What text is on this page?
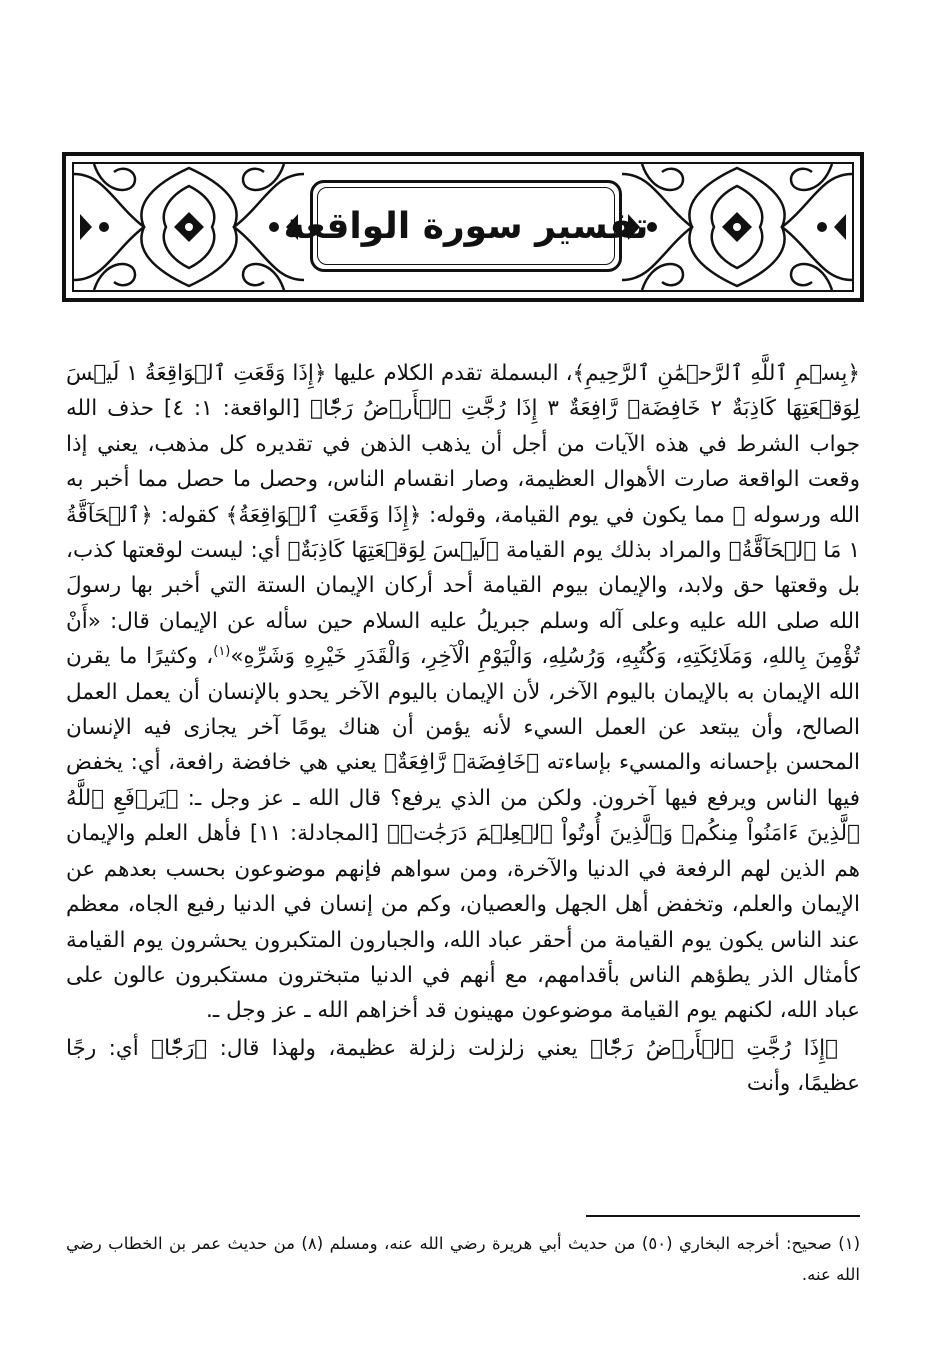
تفسير سورة الواقعة

﴿بِسۡمِ ٱللَّهِ ٱلرَّحۡمَٰنِ ٱلرَّحِيمِ﴾، البسملة تقدم الكلام عليها ﴿إِذَا وَقَعَتِ ٱلۡوَاقِعَةُ ١ لَيۡسَ لِوَقۡعَتِهَا كَاذِبَةٌ ٢ خَافِضَةٞ رَّافِعَةٌ ٣ إِذَا رُجَّتِ ٱلۡأَرۡضُ رَجّٗا﴾ [الواقعة: ١: ٤] حذف الله جواب الشرط في هذه الآيات من أجل أن يذهب الذهن في تقديره كل مذهب، يعني إذا وقعت الواقعة صارت الأهوال العظيمة، وصار انقسام الناس، وحصل ما حصل مما أخبر به الله ورسوله ﷺ مما يكون في يوم القيامة، وقوله: ﴿إِذَا وَقَعَتِ ٱلۡوَاقِعَةُ﴾ كقوله: ﴿ٱلۡحَآقَّةُ ١ مَا ٱلۡحَآقَّةُ﴾ والمراد بذلك يوم القيامة ﴿لَيۡسَ لِوَقۡعَتِهَا كَاذِبَةٌ﴾ أي: ليست لوقعتها كذب، بل وقعتها حق ولابد، والإيمان بيوم القيامة أحد أركان الإيمان الستة التي أخبر بها رسولَ الله صلى الله عليه وعلى آله وسلم جبريلُ عليه السلام حين سأله عن الإيمان قال: «أَنْ تُؤْمِنَ بِاللهِ، وَمَلَائِكَتِهِ، وَكُتُبِهِ، وَرُسُلِهِ، وَالْيَوْمِ الْآخِرِ، وَالْقَدَرِ خَيْرِهِ وَشَرِّهِ»$^{(١)}$، وكثيرًا ما يقرن الله الإيمان به بالإيمان باليوم الآخر، لأن الإيمان باليوم الآخر يحدو بالإنسان أن يعمل العمل الصالح، وأن يبتعد عن العمل السيء لأنه يؤمن أن هناك يومًا آخر يجازى فيه الإنسان المحسن بإحسانه والمسيء بإساءته ﴿خَافِضَةٞ رَّافِعَةٌ﴾ يعني هي خافضة رافعة، أي: يخفض فيها الناس ويرفع فيها آخرون. ولكن من الذي يرفع؟ قال الله ـ عز وجل ـ: ﴿يَرۡفَعِ ٱللَّهُ ٱلَّذِينَ ءَامَنُواْ مِنكُمۡ وَٱلَّذِينَ أُوتُواْ ٱلۡعِلۡمَ دَرَجَٰتٖ﴾ [المجادلة: ١١] فأهل العلم والإيمان هم الذين لهم الرفعة في الدنيا والآخرة، ومن سواهم فإنهم موضوعون بحسب بعدهم عن الإيمان والعلم، وتخفض أهل الجهل والعصيان، وكم من إنسان في الدنيا رفيع الجاه، معظم عند الناس يكون يوم القيامة من أحقر عباد الله، والجبارون المتكبرون يحشرون يوم القيامة كأمثال الذر يطؤهم الناس بأقدامهم، مع أنهم في الدنيا متبخترون مستكبرون عالون على عباد الله، لكنهم يوم القيامة موضوعون مهينون قد أخزاهم الله ـ عز وجل ـ.

﴿إِذَا رُجَّتِ ٱلۡأَرۡضُ رَجّٗا﴾ يعني زلزلت زلزلة عظيمة، ولهذا قال: ﴿رَجّٗا﴾ أي: رجًا عظيمًا، وأنت

(١) صحيح: أخرجه البخاري (٥٠) من حديث أبي هريرة رضي الله عنه، ومسلم (٨) من حديث عمر بن الخطاب رضي الله عنه.
